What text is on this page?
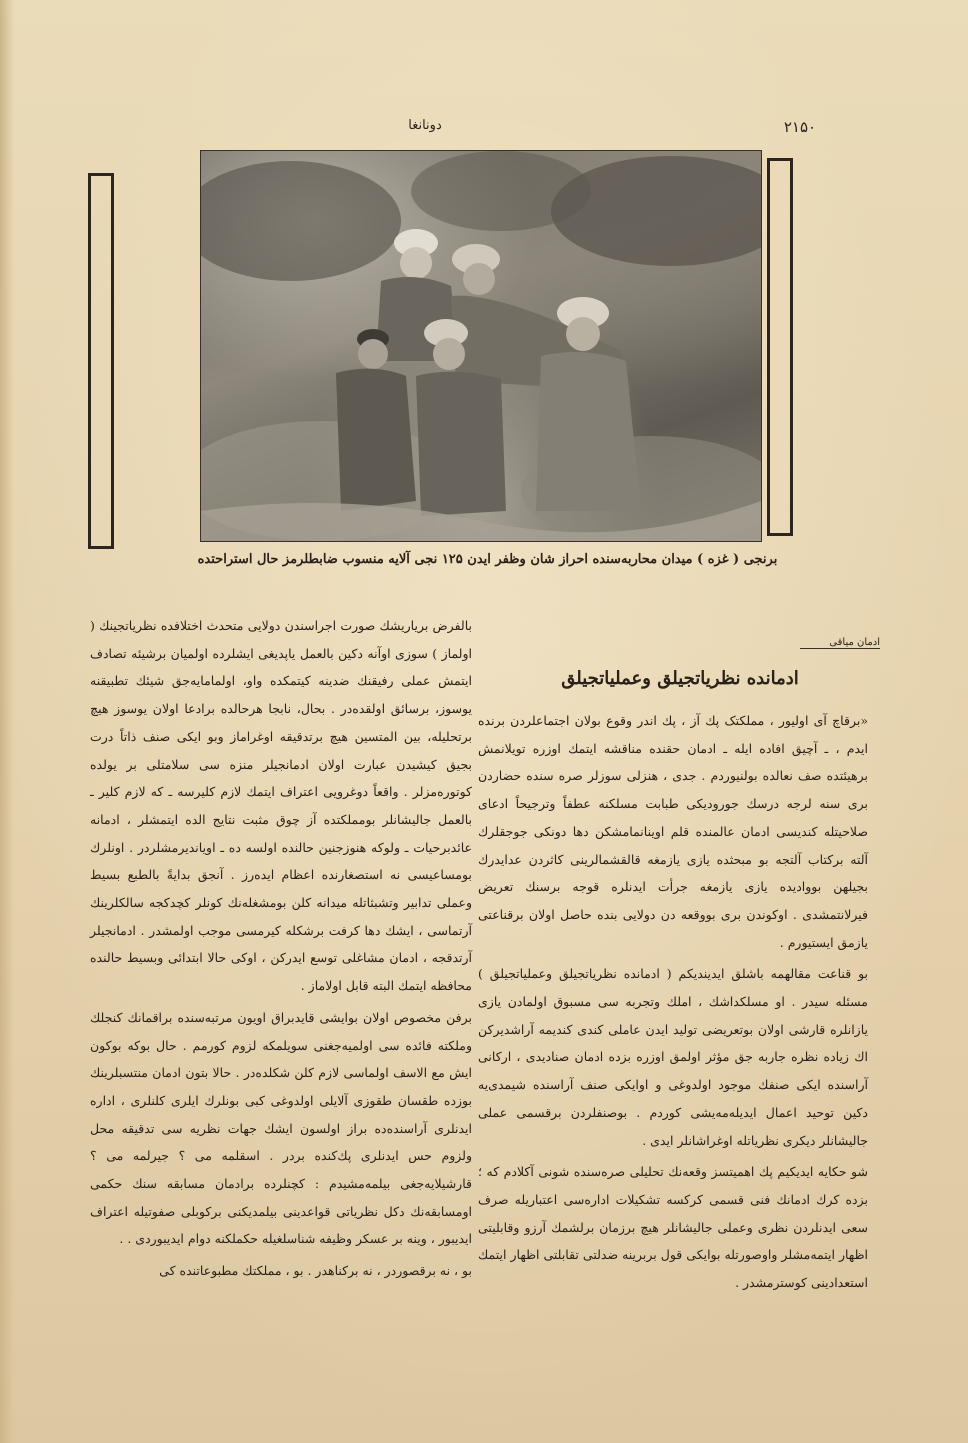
۲۱۵۰
دونانغا
برنجی ( غزه ) میدان محاربه‌سنده احراز شان وظفر ایدن ۱۲۵ نجی آلایه منسوب ضابطلرمز حال استراحتده
ادمان میاقی
ادمانده نظریاتجیلق وعملیاتجیلق

«برقاچ آی اولیور ، مملکتک پك آز ، پك اندر وقوع بولان اجتماعلردن برنده ایدم ، ـ آچیق افاده ایله ـ ادمان حقنده مناقشه ایتمك اوزره تویلانمش برهیئتده صف نعالده بولنیوردم . جدی ، هنزلی سوزلر صره سنده حضاردن بری سنه لرجه درسك جورودیکی طبابت مسلکنه عطفاً وترجیحاً ادعای صلاحیتله کندیسی ادمان عالمنده قلم اوینانمامشکن دها دونکی جوجقلرك آلته برکتاب آلتجه بو مبحثده یازی یازمغه قالقشمالرینی کاثردن عدایدرك بجیلهن بوواديده یازی یازمغه جرأت ایدنلره قوجه برسنك تعریض فیرلانتمشدی . اوکوندن بری بووقعه دن دولایی بنده حاصل اولان برقناعتی یازمق ایستیورم .

بو قناعت مقالهمه باشلق ایدیندیکم ( ادمانده نظریاتجیلق وعملیاتجیلق ) مسئله سیدر . او مسلکداشك ، املك وتجربه سی مسبوق اولمادن یازی یازانلره قارشی اولان بوتعریضی تولید ایدن عاملی کندی کندیمه آراشدیرکن اك زیاده نظره جاربه جق مؤثر اولمق اوزره بزده ادمان صنادیدی ، ارکانی آراسنده ایکی صنفك موجود اولدوغی و اوایکی صنف آراسنده شیمدی‌یه دکین توحید اعمال ایدیله‌مه‌یشی کوردم . بوصنفلردن برقسمی عملی جالیشانلر دیکری نظریاتله اوغراشانلر ایدی .

شو حکایه ایدیکیم پك اهمیتسز وقعه‌نك تحلیلی صره‌سنده شونی آکلادم که ؛ بزده کرك ادمانك فنی قسمی کرکسه تشکیلات اداره‌سی اعتباریله صرف سعی ایدنلردن نظری وعملی جالیشانلر هیچ برزمان برلشمك آرزو وقابلیتی اظهار ایتمه‌مشلر واوصورتله بوایکی قول بربرینه ضدلتی تقابلتی اظهار ایتمك استعدادینی کوسترمشدر .

بالفرض بریاریشك صورت اجراسندن دولایی متحدث اختلافده نظریاتجینك ( اولماز ) سوزی اوآنه دکین بالعمل یاپدیغی ایشلرده اولمیان برشیئه تصادف ایتمش عملی رفیقنك ضدینه کیتمکده واو، اولمامایه‌جق شیئك تطبیقنه یوسوز، برسائق اولقده‌در . بحال، نابجا هرحالده برادعا اولان یوسوز هیچ برتحلیله، بین المتسین هیچ برتدقیقه اوغراماز وبو ایکی صنف ذاتاً درت بجیق کیشیدن عبارت اولان ادمانجیلر منزه سی سلامتلی بر یولده کوتوره‌مزلر . واقعاً دوغرویی اعتراف ایتمك لازم کلیرسه ـ که لازم کلیر ـ بالعمل جالیشانلر بومملکتده آز چوق مثبت نتایج الده ایتمشلر ، ادمانه عائدبرحیات ـ ولوکه هنوزجنین حالنده اولسه ده ـ اویاندیرمشلردر . اونلرك بومساعیسی نه استصغارنده اعظام ایده‌رز . آنجق بدایةً بالطبع بسیط وعملی تدابیر وتشبثاتله میدانه کلن بومشغله‌نك کونلر کچدکجه سالکلرینك آرتماسی ، ایشك دها کرفت برشکله کیرمسی موجب اولمشدر . ادمانجیلر آرتدقجه ، ادمان مشاغلی توسع ایدرکن ، اوکی حالا ابتدائی وبسیط حالنده محافظه ایتمك البته قابل اولاماز .

برفن مخصوص اولان بوایشی قایدبراق اویون مرتبه‌سنده براقمانك کنجلك وملکته فائده سی اولمیه‌جغنی سویلمکه لزوم کورمم . حال بوکه بوکون ایش مع الاسف اولماسی لازم کلن شکلده‌در . حالا بتون ادمان منتسبلرینك بوزده طقسان طقوزی آلایلی اولدوغی کبی بونلرك ایلری کلنلری ، اداره ایدنلری آراسنده‌ده براز اولسون ایشك جهات نظریه سی تدقیقه محل ولزوم حس ایدنلری پك‌کنده بردر . اسقلمه می ؟ جیرلمه می ؟ قارشیلایه‌جغی بیلمه‌مشیدم : کچنلرده برادمان مسابقه سنك حکمی اومسابقه‌نك دکل نظریاتی قواعدینی بیلمدیکنی برکوبلی صفوتیله اعتراف ایدیبور ، وینه بر عسکر وظیفه شناسلغیله حکملکنه دوام ایدیبوردی . .

بو ، نه برقصوردر ، نه برکناهدر . بو ، مملکتك مطبوعاتنده کی
